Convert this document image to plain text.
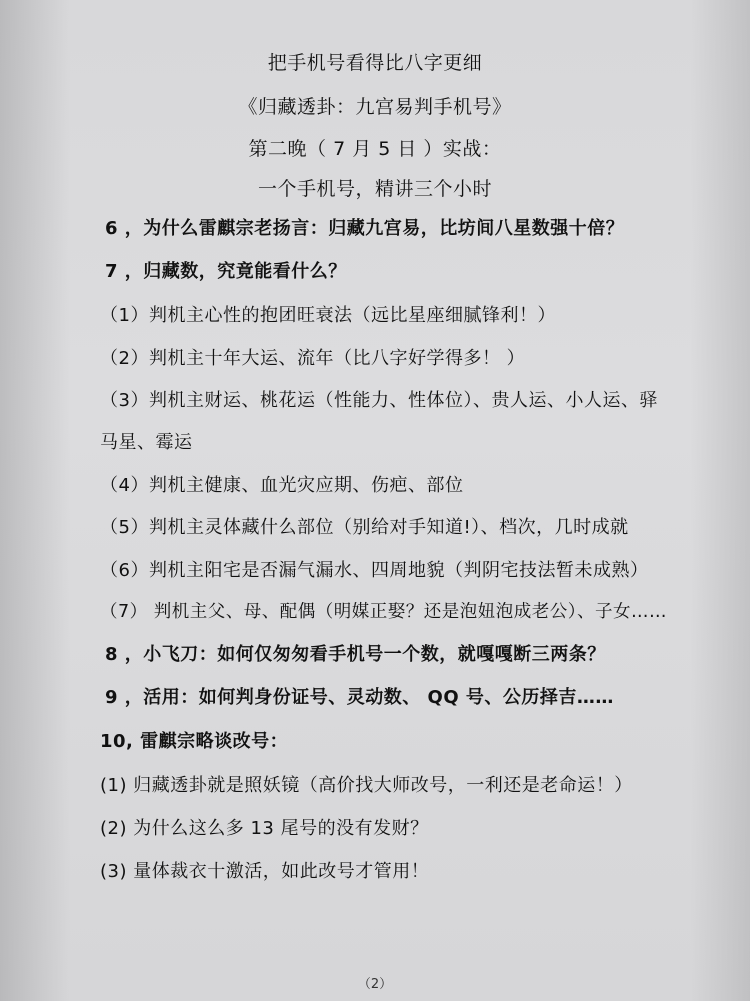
把手机号看得比八字更细
《归藏透卦：九宫易判手机号》
第二晚（ 7 月 5 日 ）实战：
一个手机号，精讲三个小时
6 ，为什么雷麒宗老扬言：归藏九宫易，比坊间八星数强十倍？
7 ，归藏数，究竟能看什么？
（1）判机主心性的抱团旺衰法（远比星座细腻锋利！）
（2）判机主十年大运、流年（比八字好学得多！ ）
（3）判机主财运、桃花运（性能力、性体位）、贵人运、小人运、驿
马星、霉运
（4）判机主健康、血光灾应期、伤疤、部位
（5）判机主灵体藏什么部位（别给对手知道!）、档次，几时成就
（6）判机主阳宅是否漏气漏水、四周地貌（判阴宅技法暂未成熟）
（7） 判机主父、母、配偶（明媒正娶？还是泡妞泡成老公）、子女……
8 ，小飞刀：如何仅匆匆看手机号一个数，就嘎嘎断三两条？
9 ，活用：如何判身份证号、灵动数、 QQ 号、公历择吉……
10, 雷麒宗略谈改号：
(1) 归藏透卦就是照妖镜（高价找大师改号，一利还是老命运！）
(2) 为什么这么多 13 尾号的没有发财？
(3) 量体裁衣十激活，如此改号才管用！
（2）
